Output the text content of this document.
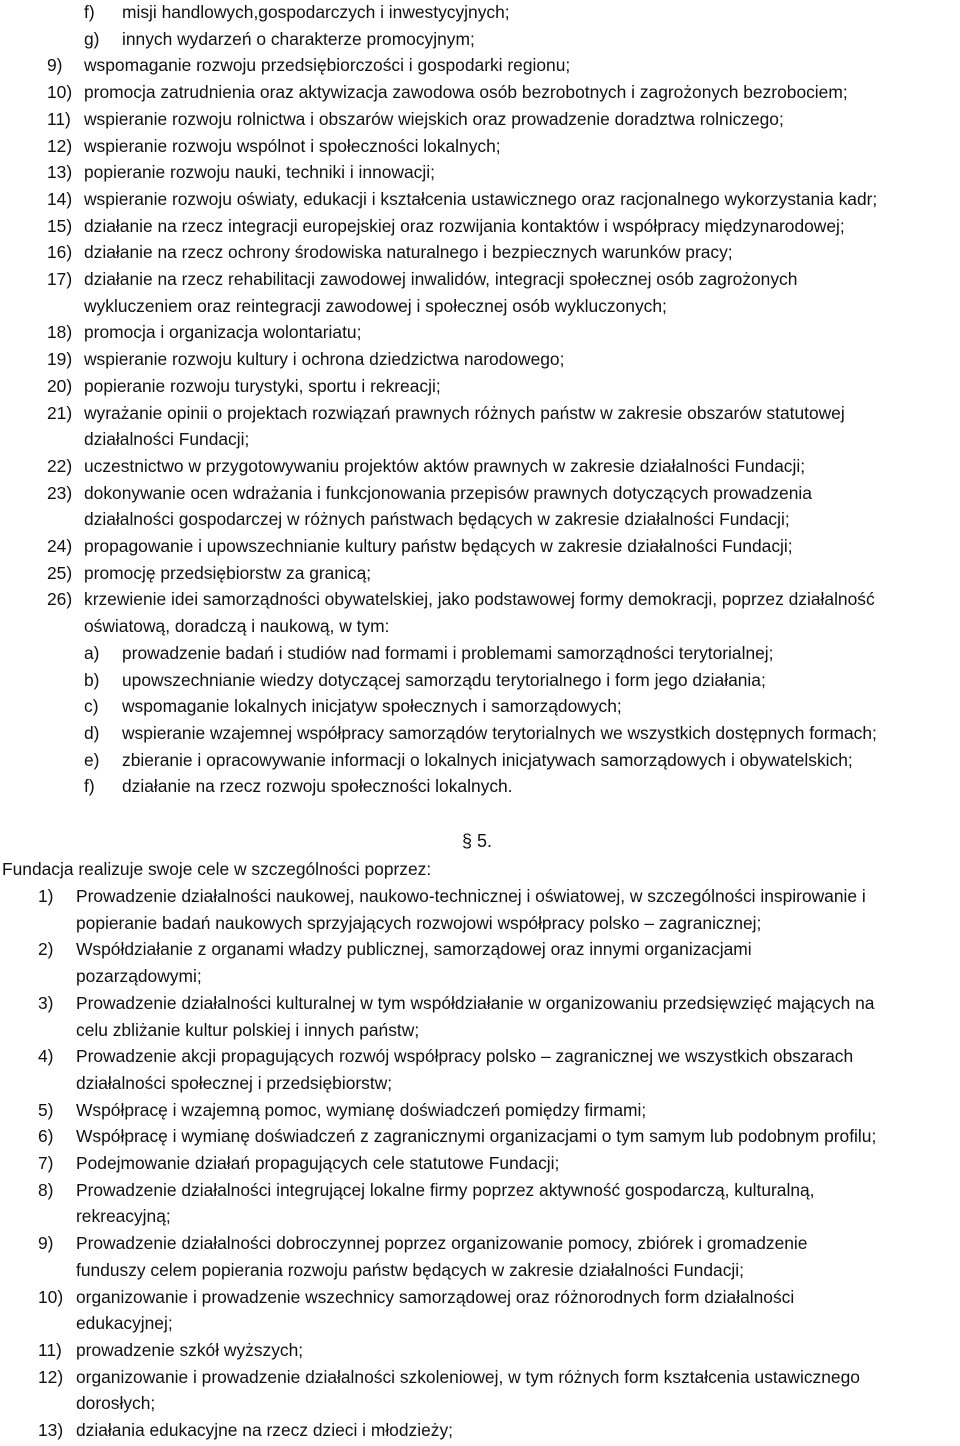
f) misji handlowych,gospodarczych i inwestycyjnych;
g) innych wydarzeń o charakterze promocyjnym;
9) wspomaganie rozwoju przedsiębiorczości i gospodarki regionu;
10) promocja zatrudnienia oraz aktywizacja zawodowa osób bezrobotnych i zagrożonych bezrobociem;
11) wspieranie rozwoju rolnictwa i obszarów wiejskich oraz prowadzenie doradztwa rolniczego;
12) wspieranie rozwoju wspólnot i społeczności lokalnych;
13) popieranie rozwoju nauki, techniki i innowacji;
14) wspieranie rozwoju oświaty, edukacji i kształcenia ustawicznego oraz racjonalnego wykorzystania kadr;
15) działanie na rzecz integracji europejskiej oraz rozwijania kontaktów i współpracy międzynarodowej;
16) działanie na rzecz ochrony środowiska naturalnego i bezpiecznych warunków pracy;
17) działanie na rzecz rehabilitacji zawodowej inwalidów, integracji społecznej osób zagrożonych
wykluczeniem oraz reintegracji zawodowej i społecznej osób wykluczonych;
18) promocja i organizacja wolontariatu;
19) wspieranie rozwoju kultury i ochrona dziedzictwa narodowego;
20) popieranie rozwoju turystyki, sportu i rekreacji;
21) wyrażanie opinii o projektach rozwiązań prawnych różnych państw w zakresie obszarów statutowej
działalności Fundacji;
22) uczestnictwo w przygotowywaniu projektów aktów prawnych w zakresie działalności Fundacji;
23) dokonywanie ocen wdrażania i funkcjonowania przepisów prawnych dotyczących prowadzenia
działalności gospodarczej w różnych państwach będących w zakresie działalności Fundacji;
24) propagowanie i upowszechnianie kultury państw będących w zakresie działalności Fundacji;
25) promocję przedsiębiorstw za granicą;
26) krzewienie idei samorządności obywatelskiej, jako podstawowej formy demokracji, poprzez działalność
oświatową, doradczą i naukową, w tym:
a) prowadzenie badań i studiów nad formami i problemami samorządności terytorialnej;
b) upowszechnianie wiedzy dotyczącej samorządu terytorialnego i form jego działania;
c) wspomaganie lokalnych inicjatyw społecznych i samorządowych;
d) wspieranie wzajemnej współpracy samorządów terytorialnych we wszystkich dostępnych formach;
e) zbieranie i opracowywanie informacji o lokalnych inicjatywach samorządowych i obywatelskich;
f) działanie na rzecz rozwoju społeczności lokalnych.
§ 5.
Fundacja realizuje swoje cele w szczególności poprzez:
1) Prowadzenie działalności naukowej, naukowo-technicznej i oświatowej, w szczególności inspirowanie i
popieranie badań naukowych sprzyjających rozwojowi współpracy polsko – zagranicznej;
2) Współdziałanie z organami władzy publicznej, samorządowej oraz innymi organizacjami
pozarządowymi;
3) Prowadzenie działalności kulturalnej w tym współdziałanie w organizowaniu przedsięwzięć mających na
celu zbliżanie kultur polskiej i innych państw;
4) Prowadzenie akcji propagujących rozwój współpracy polsko – zagranicznej we wszystkich obszarach
działalności społecznej i przedsiębiorstw;
5) Współpracę i wzajemną pomoc, wymianę doświadczeń pomiędzy firmami;
6) Współpracę i wymianę doświadczeń z zagranicznymi organizacjami o tym samym lub podobnym profilu;
7) Podejmowanie działań propagujących cele statutowe Fundacji;
8) Prowadzenie działalności integrującej lokalne firmy poprzez aktywność gospodarczą, kulturalną,
rekreacyjną;
9) Prowadzenie działalności dobroczynnej poprzez organizowanie pomocy, zbiórek i gromadzenie
funduszy celem popierania rozwoju państw będących w zakresie działalności Fundacji;
10) organizowanie i prowadzenie wszechnicy samorządowej oraz różnorodnych form działalności
edukacyjnej;
11) prowadzenie szkół wyższych;
12) organizowanie i prowadzenie działalności szkoleniowej, w tym różnych form kształcenia ustawicznego
dorosłych;
13) działania edukacyjne na rzecz dzieci i młodzieży;
